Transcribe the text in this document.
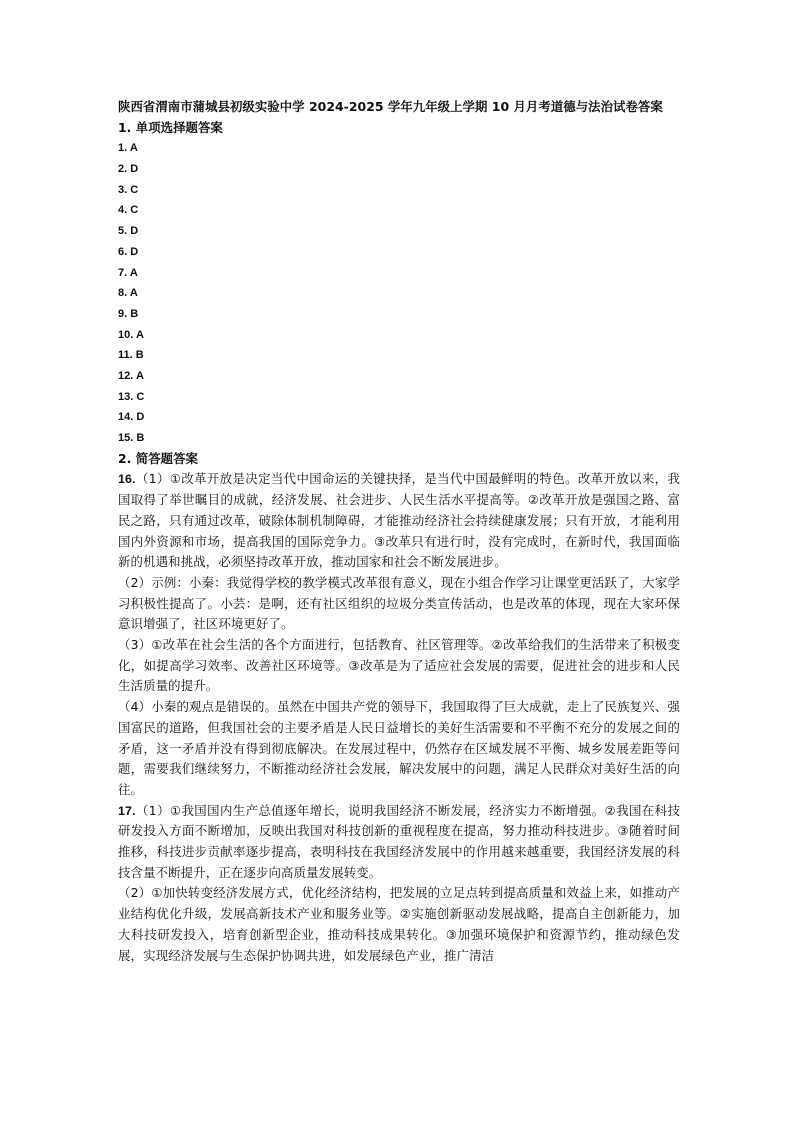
陕西省渭南市蒲城县初级实验中学 2024-2025 学年九年级上学期 10 月月考道德与法治试卷答案
1. 单项选择题答案
1. A
2. D
3. C
4. C
5. D
6. D
7. A
8. A
9. B
10. A
11. B
12. A
13. C
14. D
15. B
2. 简答题答案

16.（1）①改革开放是决定当代中国命运的关键抉择，是当代中国最鲜明的特色。改革开放以来，我国取得了举世瞩目的成就，经济发展、社会进步、人民生活水平提高等。②改革开放是强国之路、富民之路，只有通过改革，破除体制机制障碍，才能推动经济社会持续健康发展；只有开放，才能利用国内外资源和市场，提高我国的国际竞争力。③改革只有进行时，没有完成时，在新时代，我国面临新的机遇和挑战，必须坚持改革开放，推动国家和社会不断发展进步。

（2）示例：小秦：我觉得学校的教学模式改革很有意义，现在小组合作学习让课堂更活跃了，大家学习积极性提高了。小芸：是啊，还有社区组织的垃圾分类宣传活动，也是改革的体现，现在大家环保意识增强了，社区环境更好了。

（3）①改革在社会生活的各个方面进行，包括教育、社区管理等。②改革给我们的生活带来了积极变化，如提高学习效率、改善社区环境等。③改革是为了适应社会发展的需要，促进社会的进步和人民生活质量的提升。

（4）小秦的观点是错误的。虽然在中国共产党的领导下，我国取得了巨大成就，走上了民族复兴、强国富民的道路，但我国社会的主要矛盾是人民日益增长的美好生活需要和不平衡不充分的发展之间的矛盾，这一矛盾并没有得到彻底解决。在发展过程中，仍然存在区域发展不平衡、城乡发展差距等问题，需要我们继续努力，不断推动经济社会发展，解决发展中的问题，满足人民群众对美好生活的向往。

17.（1）①我国国内生产总值逐年增长，说明我国经济不断发展，经济实力不断增强。②我国在科技研发投入方面不断增加，反映出我国对科技创新的重视程度在提高，努力推动科技进步。③随着时间推移，科技进步贡献率逐步提高，表明科技在我国经济发展中的作用越来越重要，我国经济发展的科技含量不断提升，正在逐步向高质量发展转变。

（2）①加快转变经济发展方式，优化经济结构，把发展的立足点转到提高质量和效益上来，如推动产业结构优化升级，发展高新技术产业和服务业等。②实施创新驱动发展战略，提高自主创新能力，加大科技研发投入，培育创新型企业，推动科技成果转化。③加强环境保护和资源节约，推动绿色发展，实现经济发展与生态保护协调共进，如发展绿色产业，推广清洁
